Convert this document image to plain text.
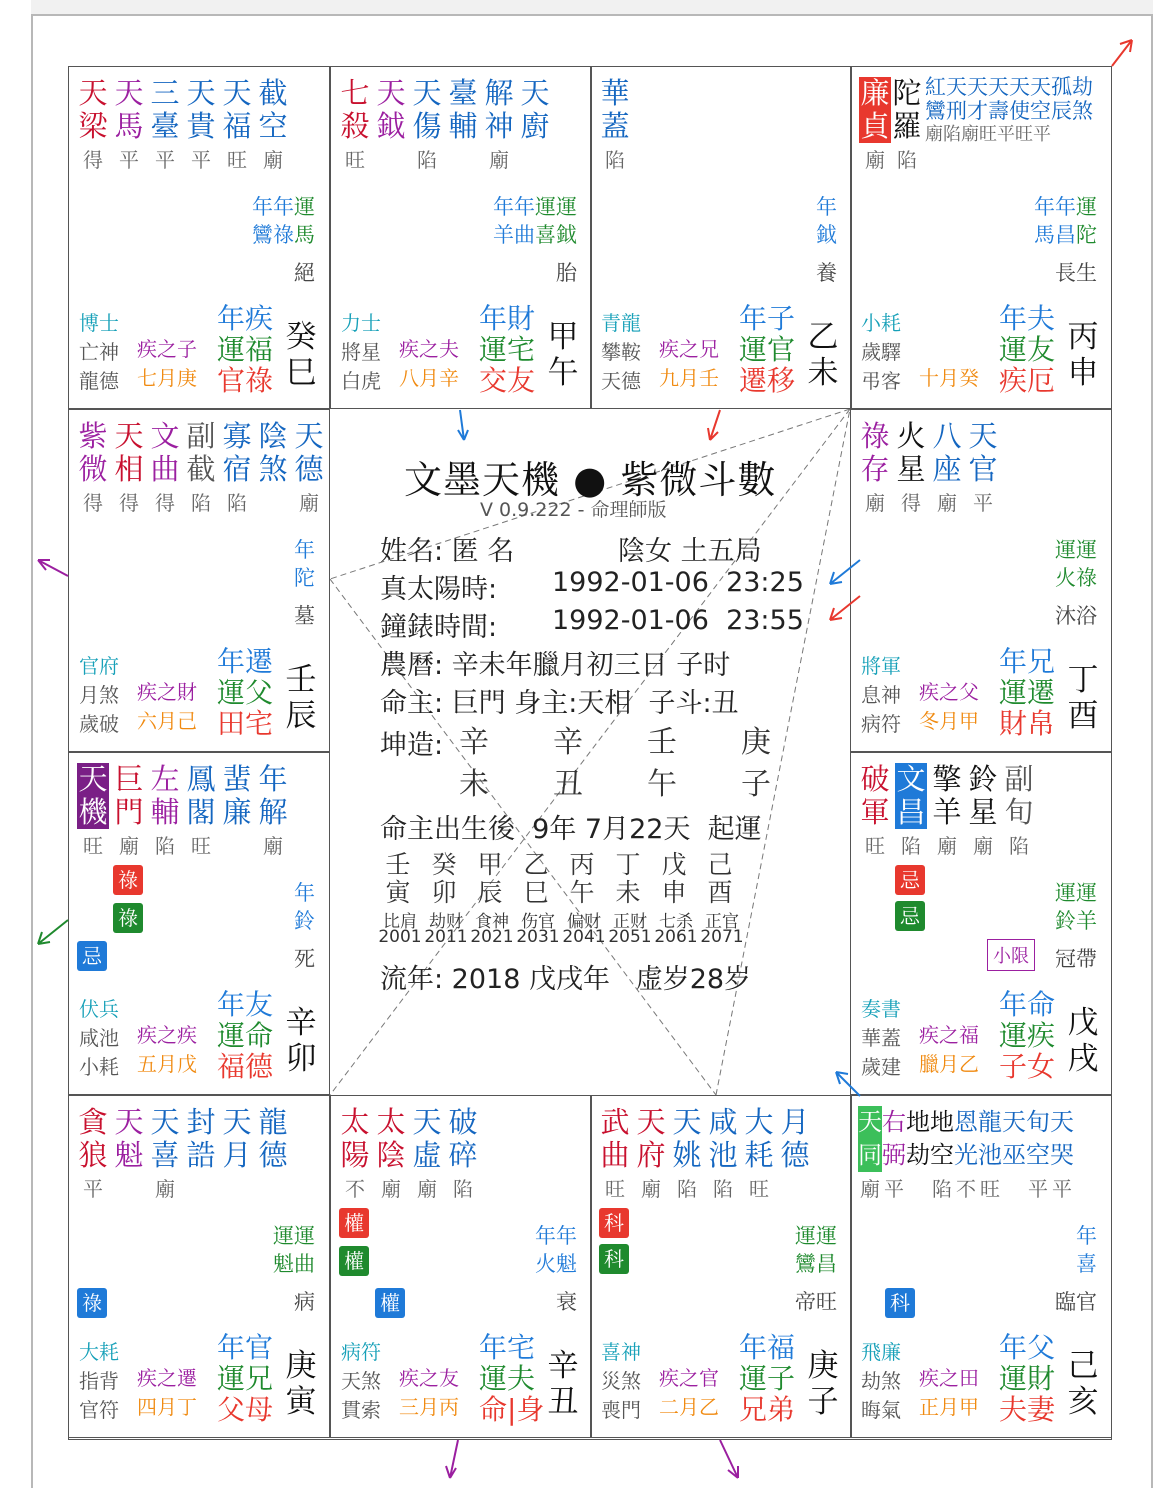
天
梁
得
天
馬
平
三
臺
平
天
貴
平
天
福
旺
截
空
廟
年年運
鸞祿馬
絕
博士
亡神
龍德
疾之子
七月庚
年疾
運福
官祿
癸
巳
七
殺
旺
天
鉞
天
傷
陷
臺
輔
解
神
廟
天
廚
年年運運
羊曲喜鉞
胎
力士
將星
白虎
疾之夫
八月辛
年財
運宅
交友
甲
午
華
蓋
陷
年
鉞
養
青龍
攀鞍
天德
疾之兄
九月壬
年子
運官
遷移
乙
未
廉
貞
廟
陀
羅
陷
紅天天天天天孤劫
鸞刑才壽使空辰煞
廟陷廟旺平旺平
年年運
馬昌陀
長生
小耗
歲驛
弔客
十月癸
年夫
運友
疾厄
丙
申
紫
微
得
天
相
得
文
曲
得
副
截
陷
寡
宿
陷
陰
煞
天
德
廟
年
陀
墓
官府
月煞
歲破
疾之財
六月己
年遷
運父
田宅
壬
辰
祿
存
廟
火
星
得
八
座
廟
天
官
平
運運
火祿
沐浴
將軍
息神
病符
疾之父
冬月甲
年兄
運遷
財帛
丁
酉
天
機
旺
巨
門
廟
左
輔
陷
鳳
閣
旺
蜚
廉
年
解
廟
祿
祿
忌
年
鈴
死
伏兵
咸池
小耗
疾之疾
五月戊
年友
運命
福德
辛
卯
破
軍
旺
文
昌
陷
擎
羊
廟
鈴
星
廟
副
旬
陷
忌
忌
運運
鈴羊
冠帶
小限
奏書
華蓋
歲建
疾之福
臘月乙
年命
運疾
子女
戊
戌
貪
狼
平
天
魁
天
喜
廟
封
誥
天
月
龍
德
祿
運運
魁曲
病
大耗
指背
官符
疾之遷
四月丁
年官
運兄
父母
庚
寅
太
陽
不
太
陰
廟
天
虛
廟
破
碎
陷
權
權
權
年年
火魁
衰
病符
天煞
貫索
疾之友
三月丙
年宅
運夫
命|身
辛
丑
武
曲
旺
天
府
廟
天
姚
陷
咸
池
陷
大
耗
旺
月
德
科
科
運運
鸞昌
帝旺
喜神
災煞
喪門
疾之官
二月乙
年福
運子
兄弟
庚
子
天
同
廟
右
弼
平
地
劫
地
空
陷
恩
光
不
龍
池
旺
天
巫
旬
空
平
天
哭
平
科
年
喜
臨官
飛廉
劫煞
晦氣
疾之田
正月甲
年父
運財
夫妻
己
亥
文墨天機 ● 紫微斗數
V 0.9.222 - 命理師版
姓名: 匿 名	陰女 土五局
真太陽時: 1992-01-06  23:25
鐘錶時間: 1992-01-06  23:55
農曆: 辛未年臘月初三日 子时
命主: 巨門 身主:天相  子斗:丑
坤造: 辛
未
辛
丑
壬
午
庚
子
命主出生後  9年 7月22天  起運
壬 癸 甲 乙 丙 丁 戊 己
寅 卯 辰 巳 午 未 申 酉
比肩 劫财 食神 伤官 偏财 正财 七杀 正官
2001 2011 2021 2031 2041 2051 2061 2071
流年: 2018 戊戌年   虚岁28岁
